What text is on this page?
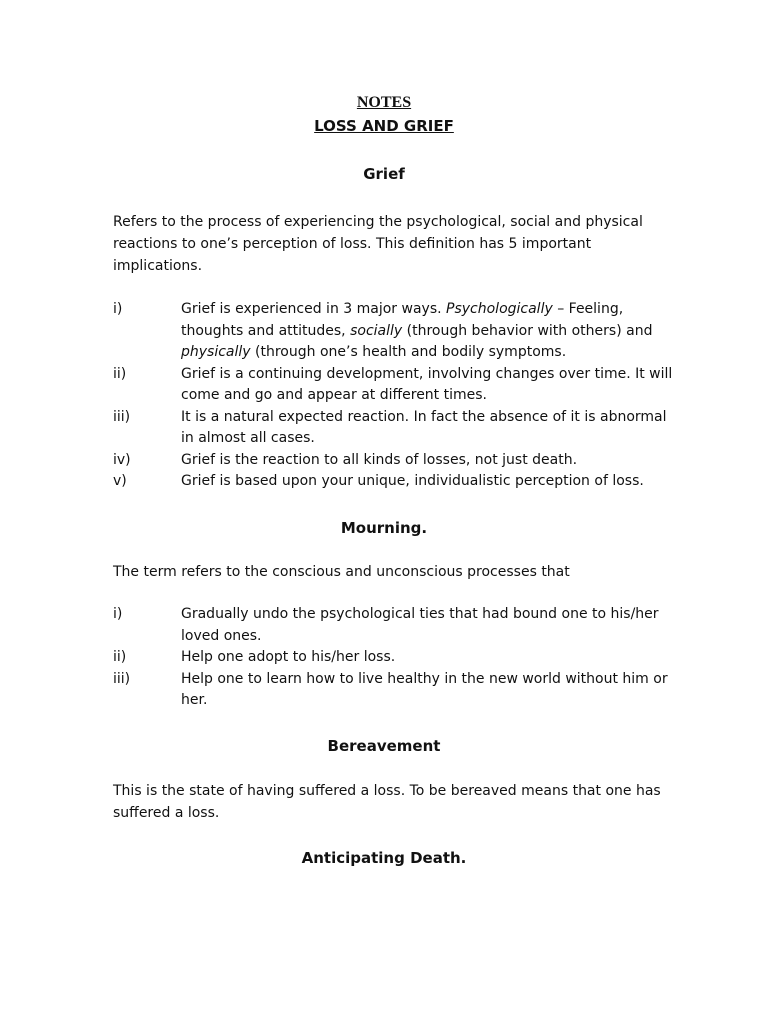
NOTES
LOSS AND GRIEF
Grief
Refers to the process of experiencing the psychological, social and physical reactions to one’s perception of loss. This definition has 5 important implications.
i)	Grief is experienced in 3 major ways. Psychologically – Feeling, thoughts and attitudes, socially (through behavior with others) and physically (through one’s health and bodily symptoms.
ii)	Grief is a continuing development, involving changes over time. It will come and go and appear at different times.
iii)	It is a natural expected reaction. In fact the absence of it is abnormal in almost all cases.
iv)	Grief is the reaction to all kinds of losses, not just death.
v)	Grief is based upon your unique, individualistic perception of loss.
Mourning.
The term refers to the conscious and unconscious processes that
i)	Gradually undo the psychological ties that had bound one to his/her loved ones.
ii)	Help one adopt to his/her loss.
iii)	Help one to learn how to live healthy in the new world without him or her.
Bereavement
This is the state of having suffered a loss. To be bereaved means that one has suffered a loss.
Anticipating Death.
